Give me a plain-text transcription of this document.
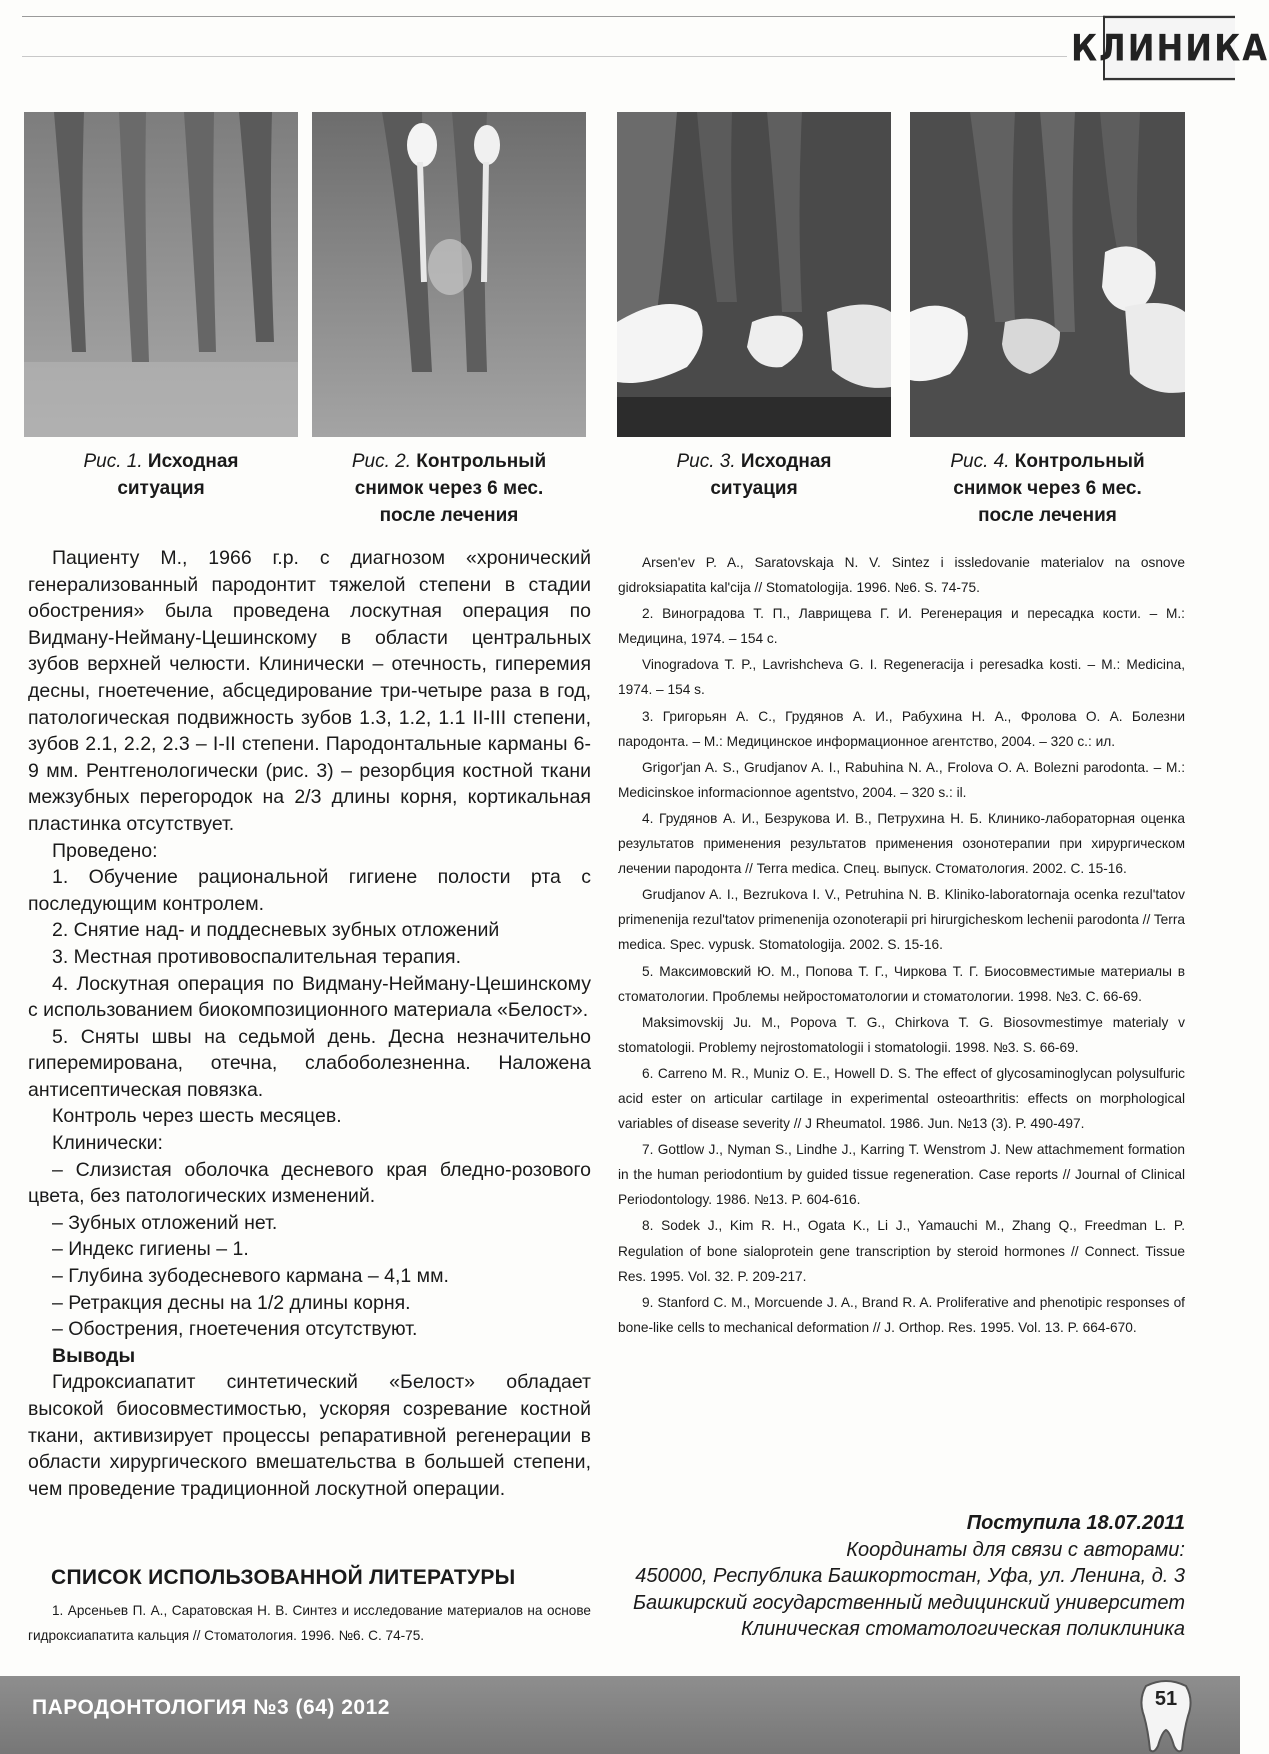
КЛИНИКА
Рис. 1. Исходная
ситуация
Рис. 2. Контрольный
снимок через 6 мес.
после лечения
Рис. 3. Исходная
ситуация
Рис. 4. Контрольный
снимок через 6 мес.
после лечения

Пациенту М., 1966 г.р. с диагнозом «хронический генерализованный пародонтит тяжелой степени в стадии обострения» была проведена лоскутная операция по Видману-Нейману-Цешинскому в области центральных зубов верхней челюсти. Клинически – отечность, гиперемия десны, гноетечение, абсцедирование три-четыре раза в год, патологическая подвижность зубов 1.3, 1.2, 1.1 II-III степени, зубов 2.1, 2.2, 2.3 – I-II степени. Пародонтальные карманы 6-9 мм. Рентгенологически (рис. 3) – резорбция костной ткани межзубных перегородок на 2/3 длины корня, кортикальная пластинка отсутствует.

Проведено:

1. Обучение рациональной гигиене полости рта с последующим контролем.

2. Снятие над- и поддесневых зубных отложений

3. Местная противовоспалительная терапия.

4. Лоскутная операция по Видману-Нейману-Цешинскому с использованием биокомпозиционного материала «Белост».

5. Сняты швы на седьмой день. Десна незначительно гиперемирована, отечна, слабоболезненна. Наложена антисептическая повязка.

Контроль через шесть месяцев.

Клинически:

– Слизистая оболочка десневого края бледно-розового цвета, без патологических изменений.

– Зубных отложений нет.

– Индекс гигиены – 1.

– Глубина зубодесневого кармана – 4,1 мм.

– Ретракция десны на 1/2 длины корня.

– Обострения, гноетечения отсутствуют.

Выводы

Гидроксиапатит синтетический «Белост» обладает высокой биосовместимостью, ускоряя созревание костной ткани, активизирует процессы репаративной регенерации в области хирургического вмешательства в большей степени, чем проведение традиционной лоскутной операции.

СПИСОК ИСПОЛЬЗОВАННОЙ ЛИТЕРАТУРЫ
1. Арсеньев П. А., Саратовская Н. В. Синтез и исследование материалов на основе гидроксиапатита кальция // Стоматология. 1996. №6. С. 74-75.

Arsen'ev P. A., Saratovskaja N. V. Sintez i issledovanie materialov na osnove gidroksiapatita kal'cija // Stomatologija. 1996. №6. S. 74-75.

2. Виноградова Т. П., Лаврищева Г. И. Регенерация и пересадка кости. – М.: Медицина, 1974. – 154 с.

Vinogradova T. P., Lavrishcheva G. I. Regeneracija i peresadka kosti. – M.: Medicina, 1974. – 154 s.

3. Григорьян А. С., Грудянов А. И., Рабухина Н. А., Фролова О. А. Болезни пародонта. – М.: Медицинское информационное агентство, 2004. – 320 с.: ил.

Grigor'jan A. S., Grudjanov A. I., Rabuhina N. A., Frolova O. A. Bolezni parodonta. – M.: Medicinskoe informacionnoe agentstvo, 2004. – 320 s.: il.

4. Грудянов А. И., Безрукова И. В., Петрухина Н. Б. Клинико-лабораторная оценка результатов применения результатов применения озонотерапии при хирургическом лечении пародонта // Terra medica. Спец. выпуск. Стоматология. 2002. С. 15-16.

Grudjanov A. I., Bezrukova I. V., Petruhina N. B. Kliniko-laboratornaja ocenka rezul'tatov primenenija rezul'tatov primenenija ozonoterapii pri hirurgicheskom lechenii parodonta // Terra medica. Spec. vypusk. Stomatologija. 2002. S. 15-16.

5. Максимовский Ю. М., Попова Т. Г., Чиркова Т. Г. Биосовместимые материалы в стоматологии. Проблемы нейростоматологии и стоматологии. 1998. №3. С. 66-69.

Maksimovskij Ju. M., Popova T. G., Chirkova T. G. Biosovmestimye materialy v stomatologii. Problemy nejrostomatologii i stomatologii. 1998. №3. S. 66-69.

6. Carreno M. R., Muniz O. E., Howell D. S. The effect of glycosaminoglycan polysulfuric acid ester on articular cartilage in experimental osteoarthritis: effects on morphological variables of disease severity // J Rheumatol. 1986. Jun. №13 (3). P. 490-497.

7. Gottlow J., Nyman S., Lindhe J., Karring T. Wenstrom J. New attachmement formation in the human periodontium by guided tissue regeneration. Case reports // Journal of Clinical Periodontology. 1986. №13. P. 604-616.

8. Sodek J., Kim R. H., Ogata K., Li J., Yamauchi M., Zhang Q., Freedman L. P. Regulation of bone sialoprotein gene transcription by steroid hormones // Connect. Tissue Res. 1995. Vol. 32. P. 209-217.

9. Stanford C. M., Morcuende J. A., Brand R. A. Proliferative and phenotipic responses of bone-like cells to mechanical deformation // J. Orthop. Res. 1995. Vol. 13. P. 664-670.

Поступила 18.07.2011
Координаты для связи с авторами:
450000, Республика Башкортостан, Уфа, ул. Ленина, д. 3
Башкирский государственный медицинский университет
Клиническая стоматологическая поликлиника
ПАРОДОНТОЛОГИЯ №3 (64) 2012	51
